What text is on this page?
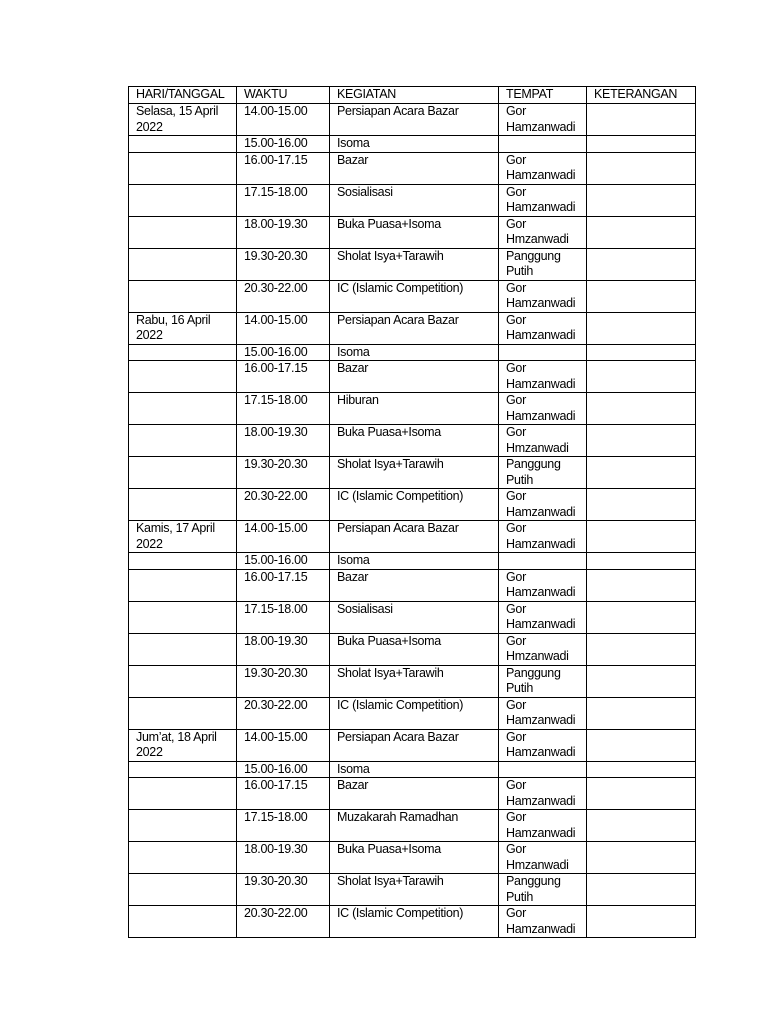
HARI/TANGGAL	WAKTU	KEGIATAN	TEMPAT	KETERANGAN
Selasa, 15 April 2022	14.00-15.00	Persiapan Acara Bazar	Gor Hamzanwadi	
	15.00-16.00	Isoma		
	16.00-17.15	Bazar	Gor Hamzanwadi	
	17.15-18.00	Sosialisasi	Gor Hamzanwadi	
	18.00-19.30	Buka Puasa+Isoma	Gor Hmzanwadi	
	19.30-20.30	Sholat Isya+Tarawih	Panggung Putih	
	20.30-22.00	IC (Islamic Competition)	Gor Hamzanwadi	
Rabu, 16 April 2022	14.00-15.00	Persiapan Acara Bazar	Gor Hamzanwadi	
	15.00-16.00	Isoma		
	16.00-17.15	Bazar	Gor Hamzanwadi	
	17.15-18.00	Hiburan	Gor Hamzanwadi	
	18.00-19.30	Buka Puasa+Isoma	Gor Hmzanwadi	
	19.30-20.30	Sholat Isya+Tarawih	Panggung Putih	
	20.30-22.00	IC (Islamic Competition)	Gor Hamzanwadi	
Kamis, 17 April 2022	14.00-15.00	Persiapan Acara Bazar	Gor Hamzanwadi	
	15.00-16.00	Isoma		
	16.00-17.15	Bazar	Gor Hamzanwadi	
	17.15-18.00	Sosialisasi	Gor Hamzanwadi	
	18.00-19.30	Buka Puasa+Isoma	Gor Hmzanwadi	
	19.30-20.30	Sholat Isya+Tarawih	Panggung Putih	
	20.30-22.00	IC (Islamic Competition)	Gor Hamzanwadi	
Jum’at, 18 April 2022	14.00-15.00	Persiapan Acara Bazar	Gor Hamzanwadi	
	15.00-16.00	Isoma		
	16.00-17.15	Bazar	Gor Hamzanwadi	
	17.15-18.00	Muzakarah Ramadhan	Gor Hamzanwadi	
	18.00-19.30	Buka Puasa+Isoma	Gor Hmzanwadi	
	19.30-20.30	Sholat Isya+Tarawih	Panggung Putih	
	20.30-22.00	IC (Islamic Competition)	Gor Hamzanwadi	
